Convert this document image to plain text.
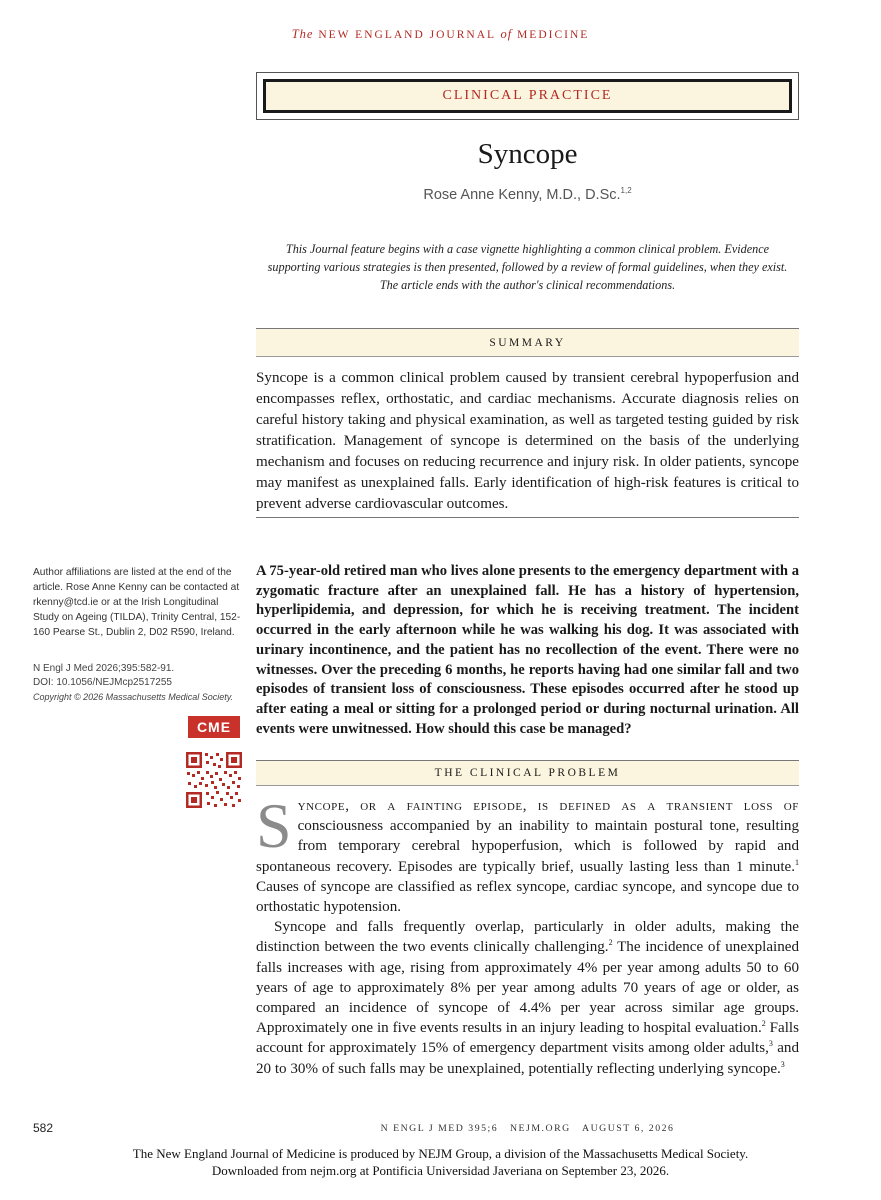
The NEW ENGLAND JOURNAL of MEDICINE
CLINICAL PRACTICE
Syncope
Rose Anne Kenny, M.D., D.Sc.$^{1,2}$
This Journal feature begins with a case vignette highlighting a common clinical problem. Evidence supporting various strategies is then presented, followed by a review of formal guidelines, when they exist. The article ends with the author's clinical recommendations.
SUMMARY
Syncope is a common clinical problem caused by transient cerebral hypoperfusion and encompasses reflex, orthostatic, and cardiac mechanisms. Accurate diagnosis relies on careful history taking and physical examination, as well as targeted testing guided by risk stratification. Management of syncope is determined on the basis of the underlying mechanism and focuses on reducing recurrence and injury risk. In older patients, syncope may manifest as unexplained falls. Early identification of high-risk features is critical to prevent adverse cardiovascular outcomes.
Author affiliations are listed at the end of the article. Rose Anne Kenny can be contacted at rkenny@tcd.ie or at the Irish Longitudinal Study on Ageing (TILDA), Trinity Central, 152-160 Pearse St., Dublin 2, D02 R590, Ireland.
N Engl J Med 2026;395:582-91.
DOI: 10.1056/NEJMcp2517255
Copyright © 2026 Massachusetts Medical Society.
CME
A 75-year-old retired man who lives alone presents to the emergency department with a zygomatic fracture after an unexplained fall. He has a history of hypertension, hyperlipidemia, and depression, for which he is receiving treatment. The incident occurred in the early afternoon while he was walking his dog. It was associated with urinary incontinence, and the patient has no recollection of the event. There were no witnesses. Over the preceding 6 months, he reports having had one similar fall and two episodes of transient loss of consciousness. These episodes occurred after he stood up after eating a meal or sitting for a prolonged period or during nocturnal urination. All events were unwitnessed. How should this case be managed?
THE CLINICAL PROBLEM

Syncope, or a fainting episode, is defined as a transient loss of consciousness accompanied by an inability to maintain postural tone, resulting from temporary cerebral hypoperfusion, which is followed by rapid and spontaneous recovery. Episodes are typically brief, usually lasting less than 1 minute.$^1$ Causes of syncope are classified as reflex syncope, cardiac syncope, and syncope due to orthostatic hypotension.

Syncope and falls frequently overlap, particularly in older adults, making the distinction between the two events clinically challenging.$^2$ The incidence of unexplained falls increases with age, rising from approximately 4% per year among adults 50 to 60 years of age to approximately 8% per year among adults 70 years of age or older, as compared an incidence of syncope of 4.4% per year across similar age groups. Approximately one in five events results in an injury leading to hospital evaluation.$^2$ Falls account for approximately 15% of emergency department visits among older adults,$^3$ and 20 to 30% of such falls may be unexplained, potentially reflecting underlying syncope.$^3$

582	N ENGL J MED 395;6   NEJM.ORG   AUGUST 6, 2026
The New England Journal of Medicine is produced by NEJM Group, a division of the Massachusetts Medical Society.
Downloaded from nejm.org at Pontificia Universidad Javeriana on September 23, 2026.
